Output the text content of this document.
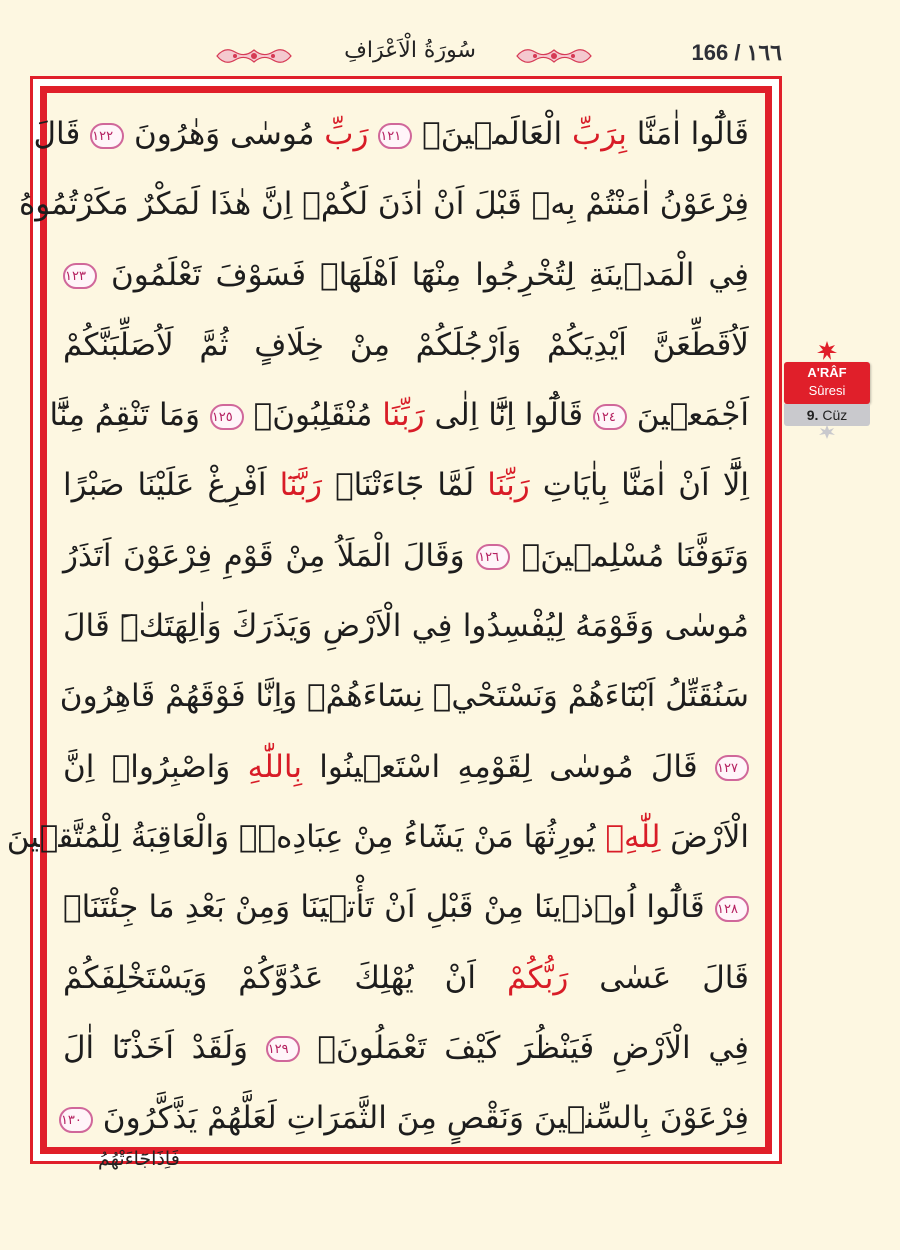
سُورَةُ الْاَعْرَافِ	166 / ١٦٦
قَالُٓوا اٰمَنَّا بِرَبِّ الْعَالَم۪ينَۙ ١٢١ رَبِّ مُوسٰى وَهٰرُونَ ١٢٢ قَالَ
فِرْعَوْنُ اٰمَنْتُمْ بِه۪ قَبْلَ اَنْ اٰذَنَ لَكُمْۚ اِنَّ هٰذَا لَمَكْرٌ مَكَرْتُمُوهُ
فِي الْمَد۪ينَةِ لِتُخْرِجُوا مِنْهَٓا اَهْلَهَاۚ فَسَوْفَ تَعْلَمُونَ ١٢٣
لَاُقَطِّعَنَّ اَيْدِيَكُمْ وَاَرْجُلَكُمْ مِنْ خِلَافٍ ثُمَّ لَاُصَلِّبَنَّكُمْ
اَجْمَع۪ينَ ١٢٤ قَالُٓوا اِنَّٓا اِلٰى رَبِّنَا مُنْقَلِبُونَۚ ١٢٥ وَمَا تَنْقِمُ مِنَّٓا
اِلَّٓا اَنْ اٰمَنَّا بِاٰيَاتِ رَبِّنَا لَمَّا جَٓاءَتْنَاۜ رَبَّنَٓا اَفْرِغْ عَلَيْنَا صَبْرًا
وَتَوَفَّنَا مُسْلِم۪ينَ۟ ١٢٦ وَقَالَ الْمَلَاُ مِنْ قَوْمِ فِرْعَوْنَ اَتَذَرُ
مُوسٰى وَقَوْمَهُ لِيُفْسِدُوا فِي الْاَرْضِ وَيَذَرَكَ وَاٰلِهَتَكَۜ قَالَ
سَنُقَتِّلُ اَبْنَٓاءَهُمْ وَنَسْتَحْي۪ نِسَٓاءَهُمْۚ وَاِنَّا فَوْقَهُمْ قَاهِرُونَ
١٢٧ قَالَ مُوسٰى لِقَوْمِهِ اسْتَع۪ينُوا بِاللّٰهِ وَاصْبِرُواۚ اِنَّ
الْاَرْضَ لِلّٰهِۙ يُورِثُهَا مَنْ يَشَٓاءُ مِنْ عِبَادِه۪ۜ وَالْعَاقِبَةُ لِلْمُتَّق۪ينَ
١٢٨ قَالُٓوا اُو۫ذ۪ينَا مِنْ قَبْلِ اَنْ تَأْت۪يَنَا وَمِنْ بَعْدِ مَا جِئْتَنَاۜ
قَالَ عَسٰى رَبُّكُمْ اَنْ يُهْلِكَ عَدُوَّكُمْ وَيَسْتَخْلِفَكُمْ
فِي الْاَرْضِ فَيَنْظُرَ كَيْفَ تَعْمَلُونَ۟ ١٢٩ وَلَقَدْ اَخَذْنَٓا اٰلَ
فِرْعَوْنَ بِالسِّن۪ينَ وَنَقْصٍ مِنَ الثَّمَرَاتِ لَعَلَّهُمْ يَذَّكَّرُونَ ١٣٠
فَاِذَاجَٓاءَتْهُمُ
A'RÂF
Sûresi
9. Cüz
